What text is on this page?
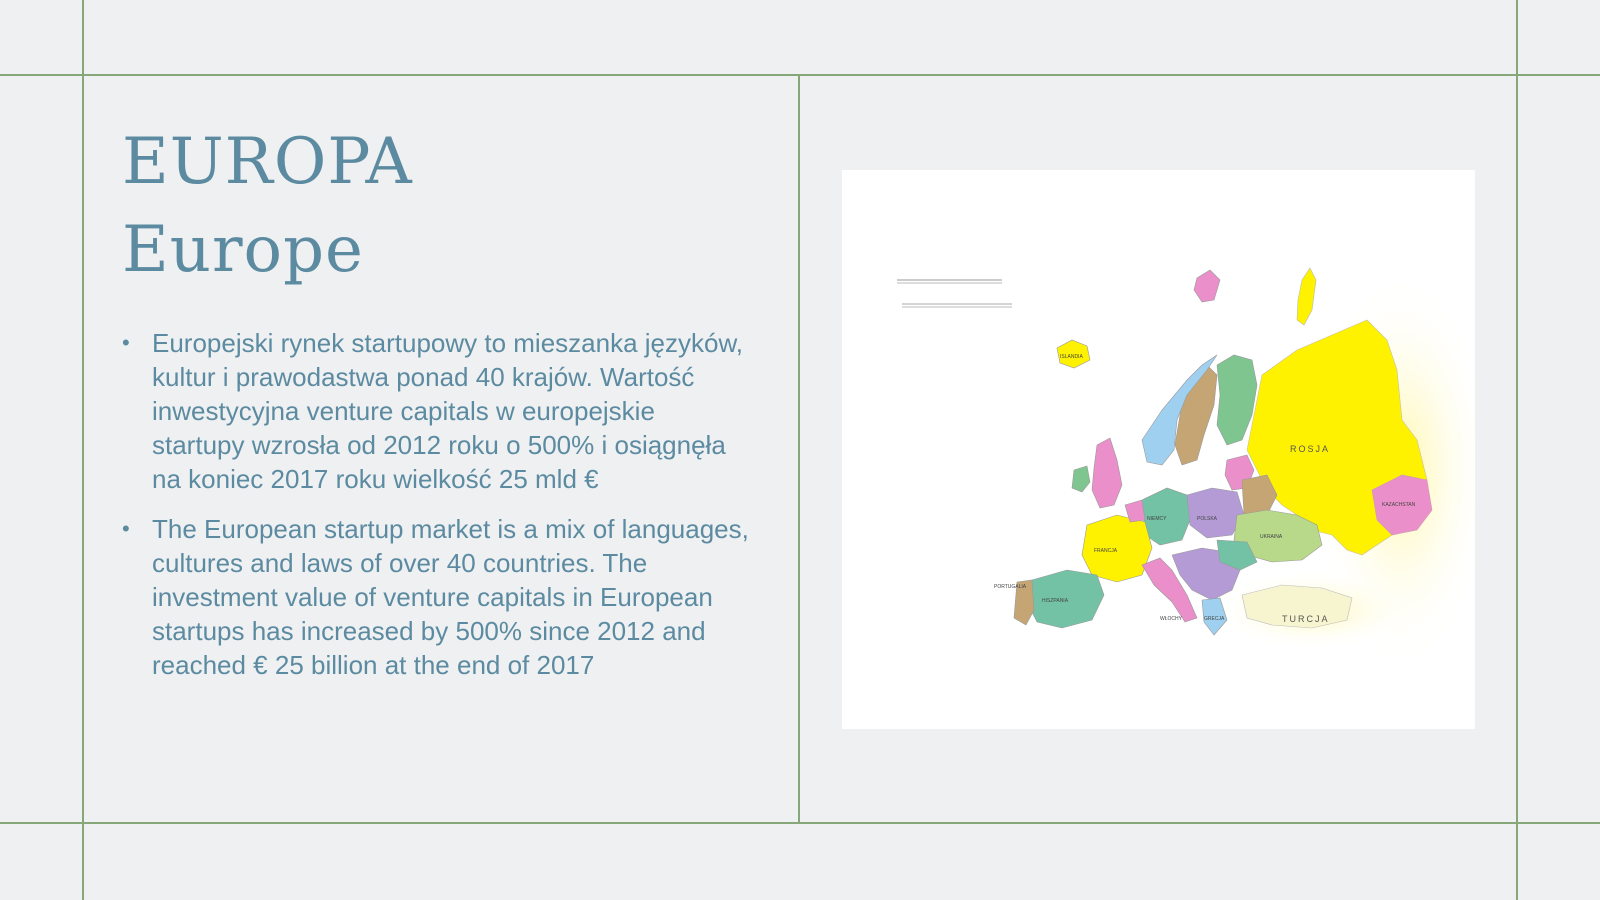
EUROPA
Europe
• Europejski rynek startupowy to mieszanka języków, kultur i prawodastwa ponad 40 krajów. Wartość inwestycyjna venture capitals w europejskie startupy wzrosła od 2012 roku o 500% i osiągnęła na koniec 2017 roku wielkość 25 mld €
• The European startup market is a mix of languages, cultures and laws of over 40 countries. The investment value of venture capitals in European startups has increased by 500% since 2012 and reached € 25 billion at the end of 2017
ROSJA
TURCJA
UKRAINA
POLSKA
NIEMCY
FRANCJA
HISZPANIA
PORTUGALIA
ISLANDIA
KAZACHSTAN
GRECJA
WŁOCHY
